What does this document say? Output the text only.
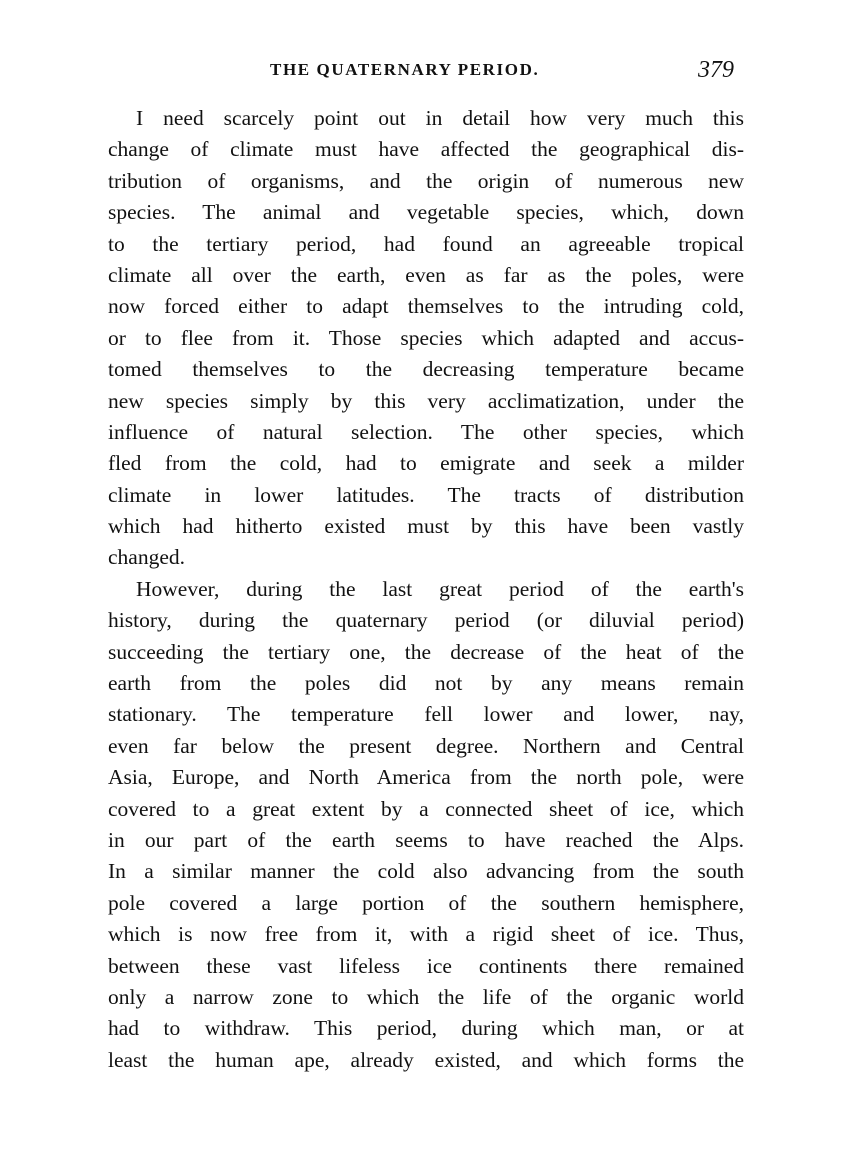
THE QUATERNARY PERIOD.	379
I need scarcely point out in detail how very much this
change of climate must have affected the geographical dis-
tribution of organisms, and the origin of numerous new
species. The animal and vegetable species, which, down
to the tertiary period, had found an agreeable tropical
climate all over the earth, even as far as the poles, were
now forced either to adapt themselves to the intruding cold,
or to flee from it. Those species which adapted and accus-
tomed themselves to the decreasing temperature became
new species simply by this very acclimatization, under the
influence of natural selection. The other species, which
fled from the cold, had to emigrate and seek a milder
climate in lower latitudes. The tracts of distribution
which had hitherto existed must by this have been vastly
changed.
However, during the last great period of the earth's
history, during the quaternary period (or diluvial period)
succeeding the tertiary one, the decrease of the heat of the
earth from the poles did not by any means remain
stationary. The temperature fell lower and lower, nay,
even far below the present degree. Northern and Central
Asia, Europe, and North America from the north pole, were
covered to a great extent by a connected sheet of ice, which
in our part of the earth seems to have reached the Alps.
In a similar manner the cold also advancing from the south
pole covered a large portion of the southern hemisphere,
which is now free from it, with a rigid sheet of ice. Thus,
between these vast lifeless ice continents there remained
only a narrow zone to which the life of the organic world
had to withdraw. This period, during which man, or at
least the human ape, already existed, and which forms the
